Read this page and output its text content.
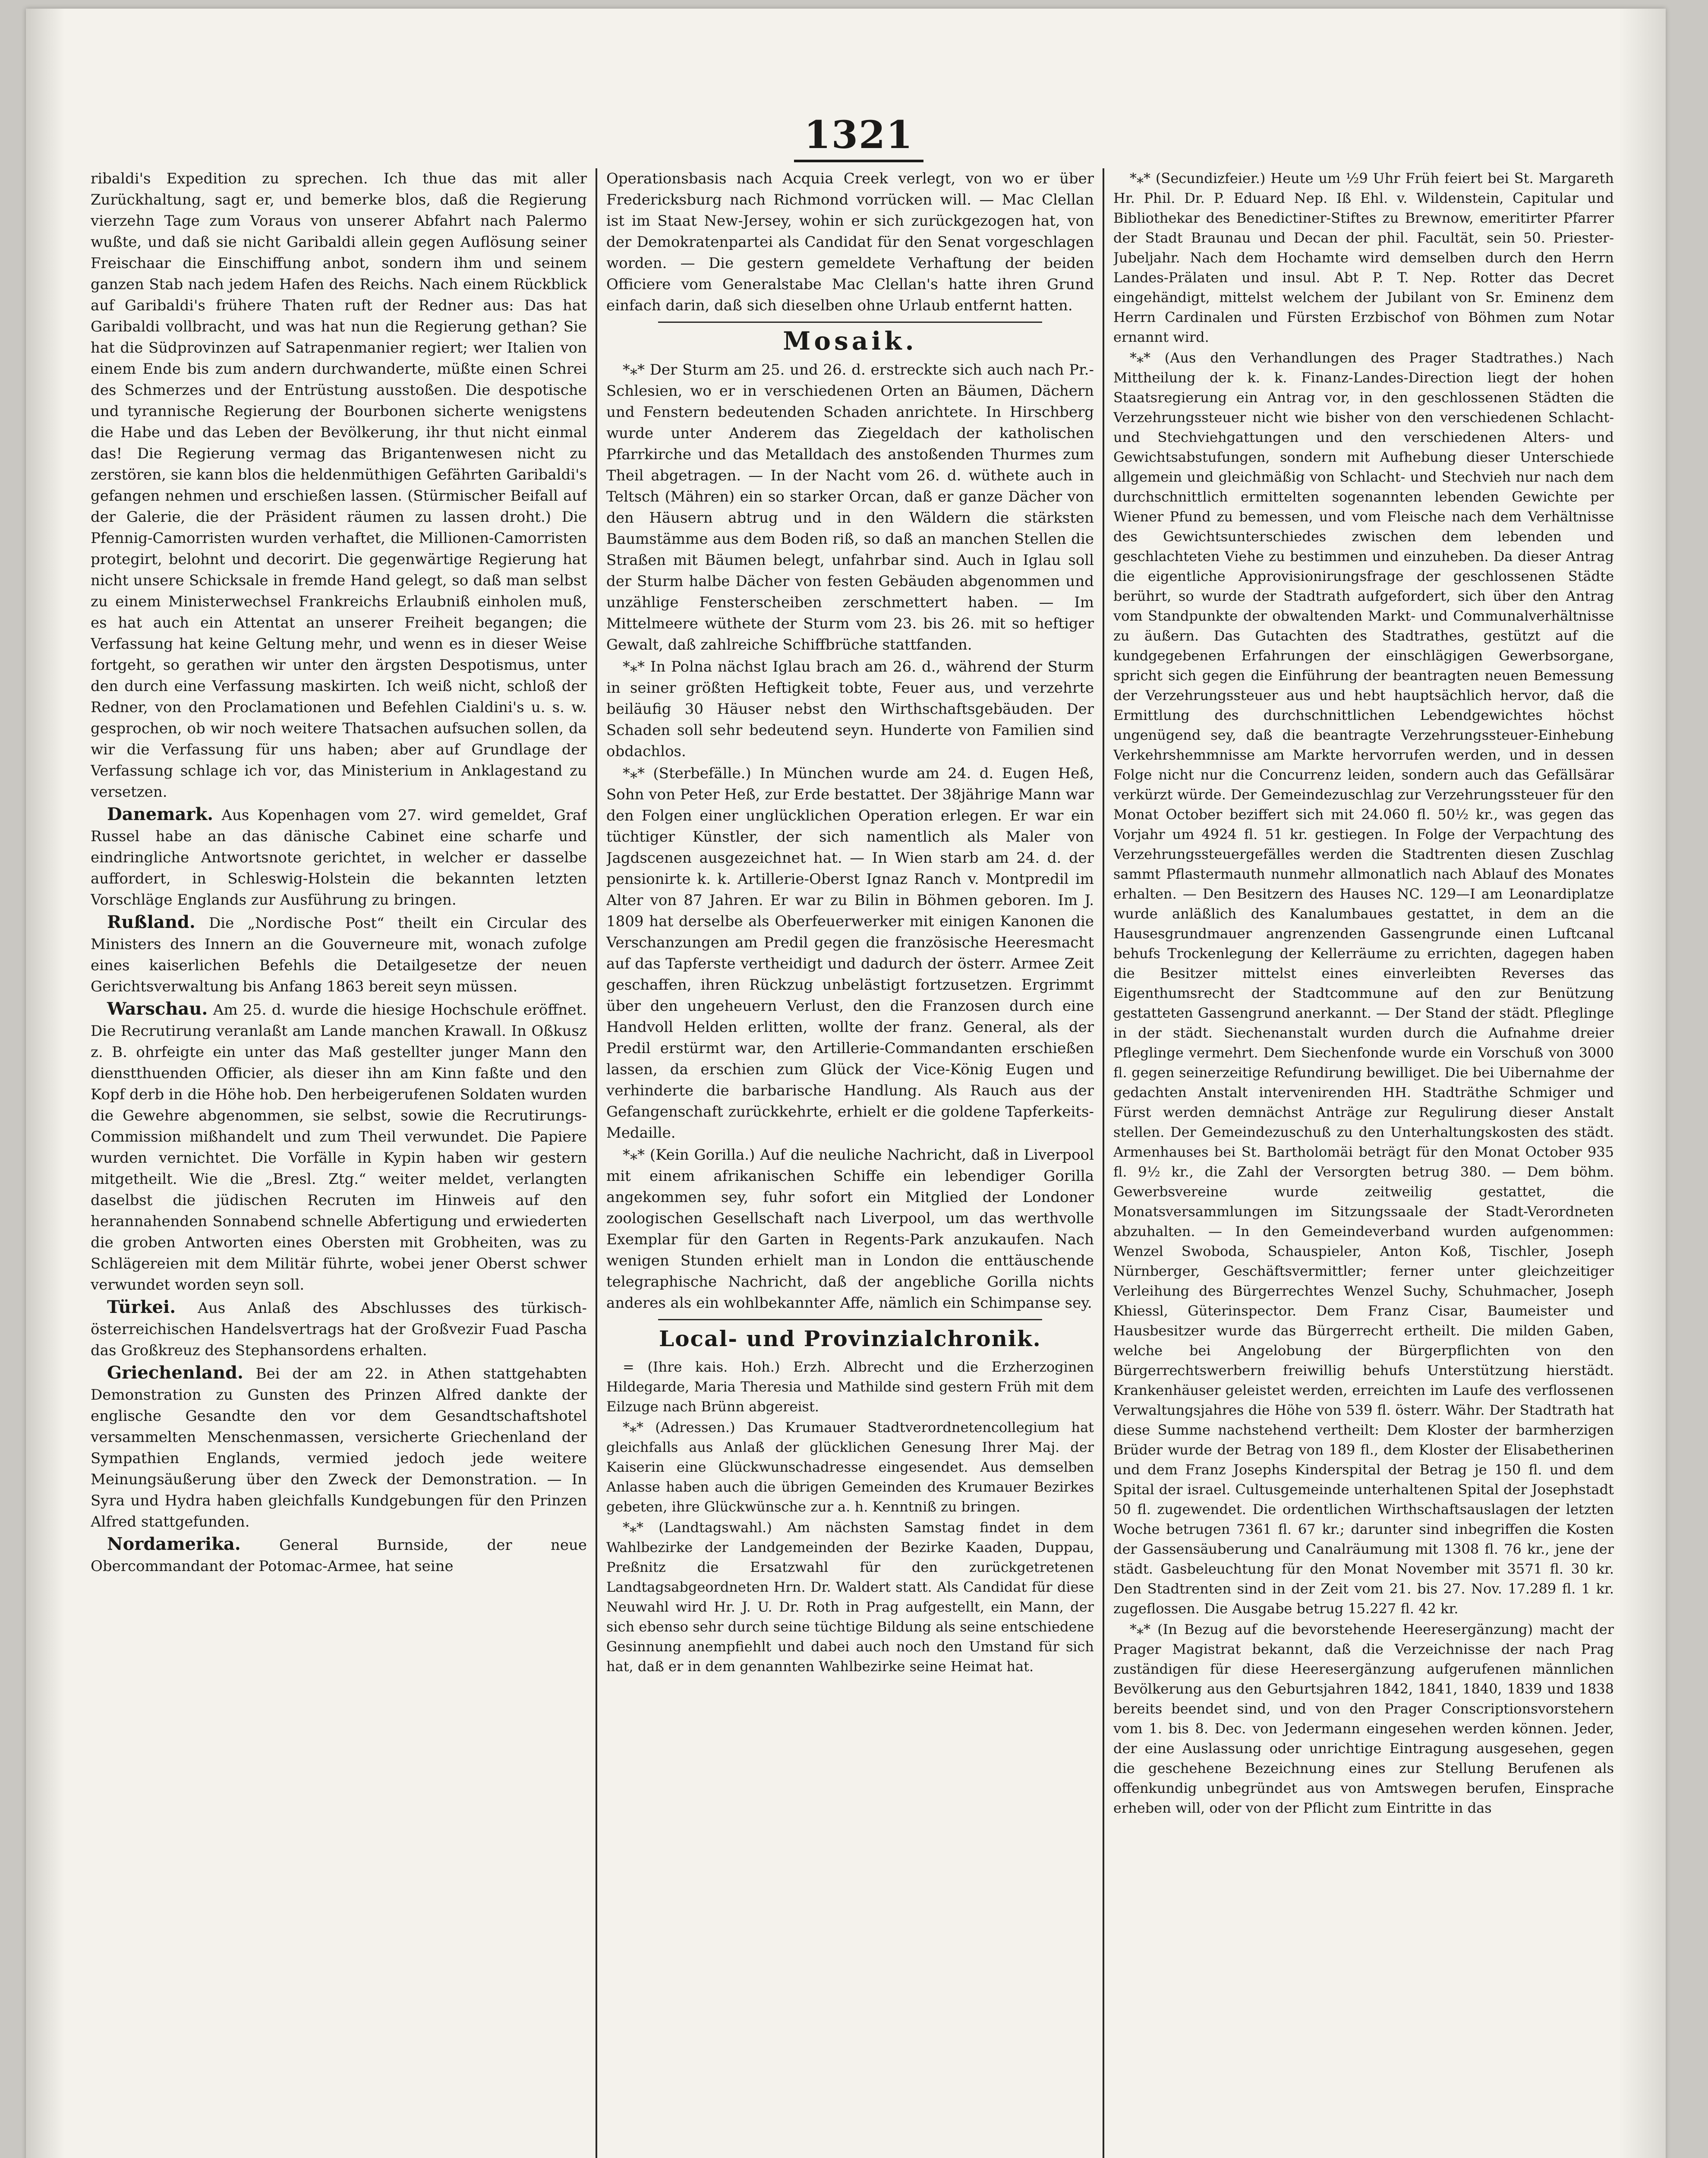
1321

ribaldi's Expedition zu sprechen. Ich thue das mit aller Zurückhaltung, sagt er, und bemerke blos, daß die Regierung vierzehn Tage zum Voraus von unserer Abfahrt nach Palermo wußte, und daß sie nicht Garibaldi allein gegen Auflösung seiner Freischaar die Einschiffung anbot, sondern ihm und seinem ganzen Stab nach jedem Hafen des Reichs. Nach einem Rückblick auf Garibaldi's frühere Thaten ruft der Redner aus: Das hat Garibaldi vollbracht, und was hat nun die Regierung gethan? Sie hat die Südprovinzen auf Satrapenmanier regiert; wer Italien von einem Ende bis zum andern durchwanderte, müßte einen Schrei des Schmerzes und der Entrüstung ausstoßen. Die despotische und tyrannische Regierung der Bourbonen sicherte wenigstens die Habe und das Leben der Bevölkerung, ihr thut nicht einmal das! Die Regierung vermag das Brigantenwesen nicht zu zerstören, sie kann blos die heldenmüthigen Gefährten Garibaldi's gefangen nehmen und erschießen lassen. (Stürmischer Beifall auf der Galerie, die der Präsident räumen zu lassen droht.) Die Pfennig-Camorristen wurden verhaftet, die Millionen-Camorristen protegirt, belohnt und decorirt. Die gegenwärtige Regierung hat nicht unsere Schicksale in fremde Hand gelegt, so daß man selbst zu einem Ministerwechsel Frankreichs Erlaubniß einholen muß, es hat auch ein Attentat an unserer Freiheit begangen; die Verfassung hat keine Geltung mehr, und wenn es in dieser Weise fortgeht, so gerathen wir unter den ärgsten Despotismus, unter den durch eine Verfassung maskirten. Ich weiß nicht, schloß der Redner, von den Proclamationen und Befehlen Cialdini's u. s. w. gesprochen, ob wir noch weitere Thatsachen aufsuchen sollen, da wir die Verfassung für uns haben; aber auf Grundlage der Verfassung schlage ich vor, das Ministerium in Anklagestand zu versetzen.

Danemark. Aus Kopenhagen vom 27. wird gemeldet, Graf Russel habe an das dänische Cabinet eine scharfe und eindringliche Antwortsnote gerichtet, in welcher er dasselbe auffordert, in Schleswig-Holstein die bekannten letzten Vorschläge Englands zur Ausführung zu bringen.

Rußland. Die „Nordische Post“ theilt ein Circular des Ministers des Innern an die Gouverneure mit, wonach zufolge eines kaiserlichen Befehls die Detailgesetze der neuen Gerichtsverwaltung bis Anfang 1863 bereit seyn müssen.

Warschau. Am 25. d. wurde die hiesige Hochschule eröffnet. Die Recrutirung veranlaßt am Lande manchen Krawall. In Oßkusz z. B. ohrfeigte ein unter das Maß gestellter junger Mann den dienstthuenden Officier, als dieser ihn am Kinn faßte und den Kopf derb in die Höhe hob. Den herbeigerufenen Soldaten wurden die Gewehre abgenommen, sie selbst, sowie die Recrutirungs-Commission mißhandelt und zum Theil verwundet. Die Papiere wurden vernichtet. Die Vorfälle in Kypin haben wir gestern mitgetheilt. Wie die „Bresl. Ztg.“ weiter meldet, verlangten daselbst die jüdischen Recruten im Hinweis auf den herannahenden Sonnabend schnelle Abfertigung und erwiederten die groben Antworten eines Obersten mit Grobheiten, was zu Schlägereien mit dem Militär führte, wobei jener Oberst schwer verwundet worden seyn soll.

Türkei. Aus Anlaß des Abschlusses des türkisch-österreichischen Handelsvertrags hat der Großvezir Fuad Pascha das Großkreuz des Stephansordens erhalten.

Griechenland. Bei der am 22. in Athen stattgehabten Demonstration zu Gunsten des Prinzen Alfred dankte der englische Gesandte den vor dem Gesandtschaftshotel versammelten Menschenmassen, versicherte Griechenland der Sympathien Englands, vermied jedoch jede weitere Meinungsäußerung über den Zweck der Demonstration. — In Syra und Hydra haben gleichfalls Kundgebungen für den Prinzen Alfred stattgefunden.

Nordamerika.	General Burnside, der neue Obercommandant der Potomac-Armee, hat seine

Operationsbasis nach Acquia Creek verlegt, von wo er über Fredericksburg nach Richmond vorrücken will. — Mac Clellan ist im Staat New-Jersey, wohin er sich zurückgezogen hat, von der Demokratenpartei als Candidat für den Senat vorgeschlagen worden. — Die gestern gemeldete Verhaftung der beiden Officiere vom Generalstabe Mac Clellan's hatte ihren Grund einfach darin, daß sich dieselben ohne Urlaub entfernt hatten.

Mosaik.

*⁎* Der Sturm am 25. und 26. d. erstreckte sich auch nach Pr.-Schlesien, wo er in verschiedenen Orten an Bäumen, Dächern und Fenstern bedeutenden Schaden anrichtete. In Hirschberg wurde unter Anderem das Ziegeldach der katholischen Pfarrkirche und das Metalldach des anstoßenden Thurmes zum Theil abgetragen. — In der Nacht vom 26. d. wüthete auch in Teltsch (Mähren) ein so starker Orcan, daß er ganze Dächer von den Häusern abtrug und in den Wäldern die stärksten Baumstämme aus dem Boden riß, so daß an manchen Stellen die Straßen mit Bäumen belegt, unfahrbar sind. Auch in Iglau soll der Sturm halbe Dächer von festen Gebäuden abgenommen und unzählige Fensterscheiben zerschmettert haben. — Im Mittelmeere wüthete der Sturm vom 23. bis 26. mit so heftiger Gewalt, daß zahlreiche Schiffbrüche stattfanden.

*⁎* In Polna nächst Iglau brach am 26. d., während der Sturm in seiner größten Heftigkeit tobte, Feuer aus, und verzehrte beiläufig 30 Häuser nebst den Wirthschaftsgebäuden. Der Schaden soll sehr bedeutend seyn. Hunderte von Familien sind obdachlos.

*⁎* (Sterbefälle.) In München wurde am 24. d. Eugen Heß, Sohn von Peter Heß, zur Erde bestattet. Der 38jährige Mann war den Folgen einer unglücklichen Operation erlegen. Er war ein tüchtiger Künstler, der sich namentlich als Maler von Jagdscenen ausgezeichnet hat. — In Wien starb am 24. d. der pensionirte k. k. Artillerie-Oberst Ignaz Ranch v. Montpredil im Alter von 87 Jahren. Er war zu Bilin in Böhmen geboren. Im J. 1809 hat derselbe als Oberfeuerwerker mit einigen Kanonen die Verschanzungen am Predil gegen die französische Heeresmacht auf das Tapferste vertheidigt und dadurch der österr. Armee Zeit geschaffen, ihren Rückzug unbelästigt fortzusetzen. Ergrimmt über den ungeheuern Verlust, den die Franzosen durch eine Handvoll Helden erlitten, wollte der franz. General, als der Predil erstürmt war, den Artillerie-Commandanten erschießen lassen, da erschien zum Glück der Vice-König Eugen und verhinderte die barbarische Handlung. Als Rauch aus der Gefangenschaft zurückkehrte, erhielt er die goldene Tapferkeits-Medaille.

*⁎* (Kein Gorilla.) Auf die neuliche Nachricht, daß in Liverpool mit einem afrikanischen Schiffe ein lebendiger Gorilla angekommen sey, fuhr sofort ein Mitglied der Londoner zoologischen Gesellschaft nach Liverpool, um das werthvolle Exemplar für den Garten in Regents-Park anzukaufen. Nach wenigen Stunden erhielt man in London die enttäuschende telegraphische Nachricht, daß der angebliche Gorilla nichts anderes als ein wohlbekannter Affe, nämlich ein Schimpanse sey.

Local- und Provinzialchronik.

= (Ihre kais. Hoh.) Erzh. Albrecht und die Erzherzoginen Hildegarde, Maria Theresia und Mathilde sind gestern Früh mit dem Eilzuge nach Brünn abgereist.

*⁎* (Adressen.) Das Krumauer Stadtverordnetencollegium hat gleichfalls aus Anlaß der glücklichen Genesung Ihrer Maj. der Kaiserin eine Glückwunschadresse eingesendet. Aus demselben Anlasse haben auch die übrigen Gemeinden des Krumauer Bezirkes gebeten, ihre Glückwünsche zur a. h. Kenntniß zu bringen.

*⁎* (Landtagswahl.) Am nächsten Samstag findet in dem Wahlbezirke der Landgemeinden der Bezirke Kaaden, Duppau, Preßnitz die Ersatzwahl für den zurückgetretenen Landtagsabgeordneten Hrn. Dr. Waldert statt. Als Candidat für diese Neuwahl wird Hr. J. U. Dr. Roth in Prag aufgestellt, ein Mann, der sich ebenso sehr durch seine tüchtige Bildung als seine entschiedene Gesinnung anempfiehlt und dabei auch noch den Umstand für sich hat, daß er in dem genannten Wahlbezirke seine Heimat hat.

*⁎* (Secundizfeier.) Heute um ½9 Uhr Früh feiert bei St. Margareth Hr. Phil. Dr. P. Eduard Nep. Iß Ehl. v. Wildenstein, Capitular und Bibliothekar des Benedictiner-Stiftes zu Brewnow, emeritirter Pfarrer der Stadt Braunau und Decan der phil. Facultät, sein 50. Priester-Jubeljahr. Nach dem Hochamte wird demselben durch den Herrn Landes-Prälaten und insul. Abt P. T. Nep. Rotter das Decret eingehändigt, mittelst welchem der Jubilant von Sr. Eminenz dem Herrn Cardinalen und Fürsten Erzbischof von Böhmen zum Notar ernannt wird.

*⁎* (Aus den Verhandlungen des Prager Stadtrathes.) Nach Mittheilung der k. k. Finanz-Landes-Direction liegt der hohen Staatsregierung ein Antrag vor, in den geschlossenen Städten die Verzehrungssteuer nicht wie bisher von den verschiedenen Schlacht- und Stechviehgattungen und den verschiedenen Alters- und Gewichtsabstufungen, sondern mit Aufhebung dieser Unterschiede allgemein und gleichmäßig von Schlacht- und Stechvieh nur nach dem durchschnittlich ermittelten sogenannten lebenden Gewichte per Wiener Pfund zu bemessen, und vom Fleische nach dem Verhältnisse des Gewichtsunterschiedes zwischen dem lebenden und geschlachteten Viehe zu bestimmen und einzuheben. Da dieser Antrag die eigentliche Approvisionirungsfrage der geschlossenen Städte berührt, so wurde der Stadtrath aufgefordert, sich über den Antrag vom Standpunkte der obwaltenden Markt- und Communalverhältnisse zu äußern. Das Gutachten des Stadtrathes, gestützt auf die kundgegebenen Erfahrungen der einschlägigen Gewerbsorgane, spricht sich gegen die Einführung der beantragten neuen Bemessung der Verzehrungssteuer aus und hebt hauptsächlich hervor, daß die Ermittlung des durchschnittlichen Lebendgewichtes höchst ungenügend sey, daß die beantragte Verzehrungssteuer-Einhebung Verkehrshemmnisse am Markte hervorrufen werden, und in dessen Folge nicht nur die Concurrenz leiden, sondern auch das Gefällsärar verkürzt würde. Der Gemeindezuschlag zur Verzehrungssteuer für den Monat October beziffert sich mit 24.060 fl. 50½ kr., was gegen das Vorjahr um 4924 fl. 51 kr. gestiegen. In Folge der Verpachtung des Verzehrungssteuergefälles werden die Stadtrenten diesen Zuschlag sammt Pflastermauth nunmehr allmonatlich nach Ablauf des Monates erhalten. — Den Besitzern des Hauses NC. 129—I am Leonardiplatze wurde anläßlich des Kanalumbaues gestattet, in dem an die Hausesgrundmauer angrenzenden Gassengrunde einen Luftcanal behufs Trockenlegung der Kellerräume zu errichten, dagegen haben die Besitzer mittelst eines einverleibten Reverses das Eigenthumsrecht der Stadtcommune auf den zur Benützung gestatteten Gassengrund anerkannt. — Der Stand der städt. Pfleglinge in der städt. Siechenanstalt wurden durch die Aufnahme dreier Pfleglinge vermehrt. Dem Siechenfonde wurde ein Vorschuß von 3000 fl. gegen seinerzeitige Refundirung bewilliget. Die bei Uibernahme der gedachten Anstalt intervenirenden HH. Stadträthe Schmiger und Fürst werden demnächst Anträge zur Regulirung dieser Anstalt stellen. Der Gemeindezuschuß zu den Unterhaltungskosten des städt. Armenhauses bei St. Bartholomäi beträgt für den Monat October 935 fl. 9½ kr., die Zahl der Versorgten betrug 380. — Dem böhm. Gewerbsvereine wurde zeitweilig gestattet, die Monatsversammlungen im Sitzungssaale der Stadt-Verordneten abzuhalten. — In den Gemeindeverband wurden aufgenommen: Wenzel Swoboda, Schauspieler, Anton Koß, Tischler, Joseph Nürnberger, Geschäftsvermittler; ferner unter gleichzeitiger Verleihung des Bürgerrechtes Wenzel Suchy, Schuhmacher, Joseph Khiessl, Güterinspector. Dem Franz Cisar, Baumeister und Hausbesitzer wurde das Bürgerrecht ertheilt. Die milden Gaben, welche bei Angelobung der Bürgerpflichten von den Bürgerrechtswerbern freiwillig behufs Unterstützung hierstädt. Krankenhäuser geleistet werden, erreichten im Laufe des verflossenen Verwaltungsjahres die Höhe von 539 fl. österr. Währ. Der Stadtrath hat diese Summe nachstehend vertheilt: Dem Kloster der barmherzigen Brüder wurde der Betrag von 189 fl., dem Kloster der Elisabetherinen und dem Franz Josephs Kinderspital der Betrag je 150 fl. und dem Spital der israel. Cultusgemeinde unterhaltenen Spital der Josephstadt 50 fl. zugewendet. Die ordentlichen Wirthschaftsauslagen der letzten Woche betrugen 7361 fl. 67 kr.; darunter sind inbegriffen die Kosten der Gassensäuberung und Canalräumung mit 1308 fl. 76 kr., jene der städt. Gasbeleuchtung für den Monat November mit 3571 fl. 30 kr. Den Stadtrenten sind in der Zeit vom 21. bis 27. Nov. 17.289 fl. 1 kr. zugeflossen. Die Ausgabe betrug 15.227 fl. 42 kr.

*⁎* (In Bezug auf die bevorstehende Heeresergänzung) macht der Prager Magistrat bekannt, daß die Verzeichnisse der nach Prag zuständigen für diese Heeresergänzung aufgerufenen männlichen Bevölkerung aus den Geburtsjahren 1842, 1841, 1840, 1839 und 1838 bereits beendet sind, und von den Prager Conscriptionsvorstehern vom 1. bis 8. Dec. von Jedermann eingesehen werden können. Jeder, der eine Auslassung oder unrichtige Eintragung ausgesehen, gegen die geschehene Bezeichnung eines zur Stellung Berufenen als offenkundig unbegründet aus von Amtswegen berufen, Einsprache erheben will, oder von der Pflicht zum Eintritte in das
